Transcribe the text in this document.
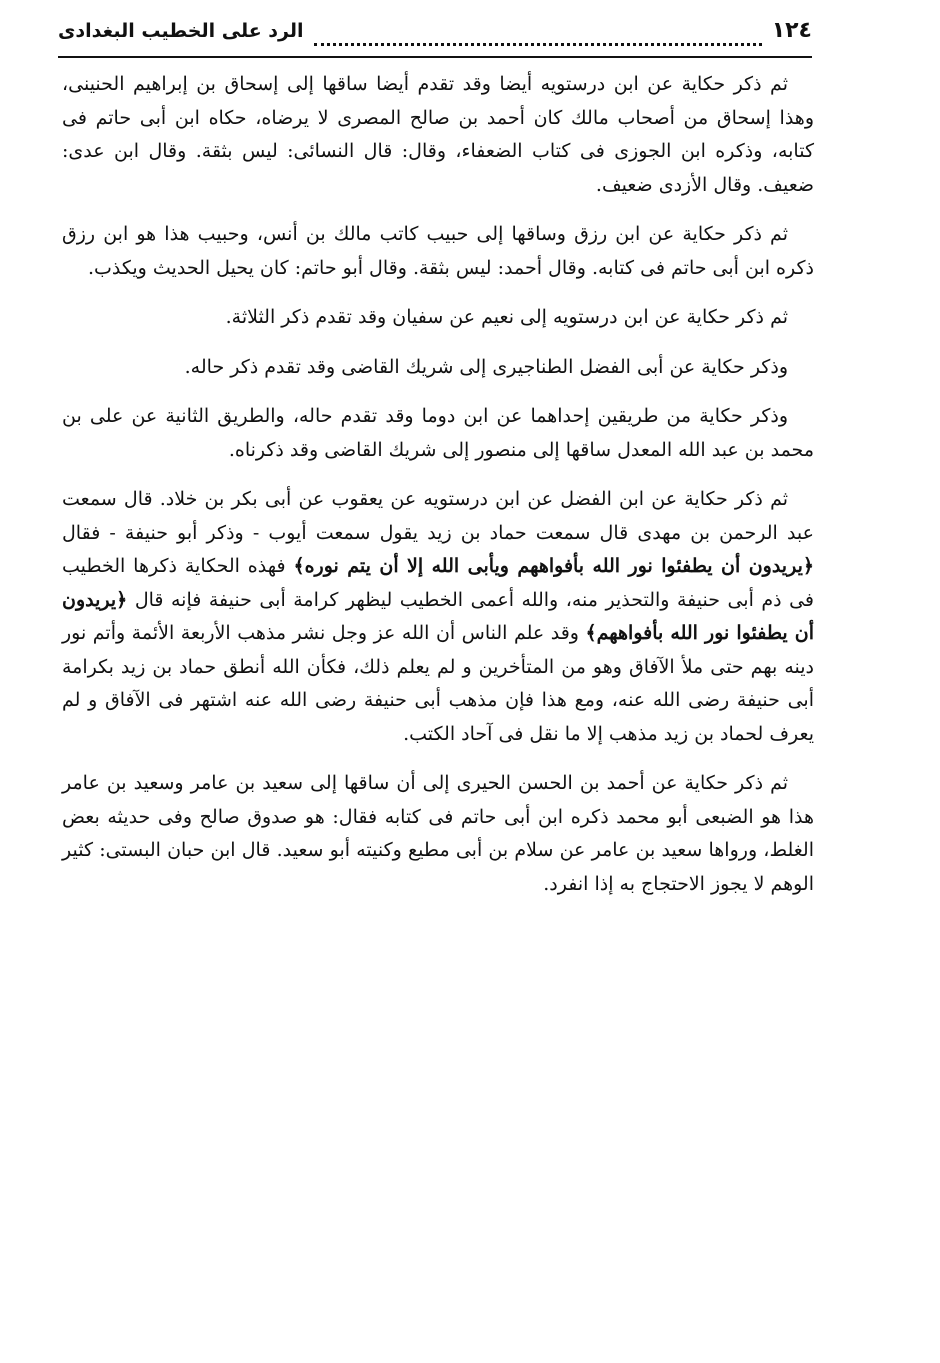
١٢٤
الرد على الخطيب البغدادى

ثم ذكر حكاية عن ابن درستويه أيضا وقد تقدم أيضا ساقها إلى إسحاق بن إبراهيم الحنينى، وهذا إسحاق من أصحاب مالك كان أحمد بن صالح المصرى لا يرضاه، حكاه ابن أبى حاتم فى كتابه، وذكره ابن الجوزى فى كتاب الضعفاء، وقال: قال النسائى: ليس بثقة. وقال ابن عدى: ضعيف. وقال الأزدى ضعيف.

ثم ذكر حكاية عن ابن رزق وساقها إلى حبيب كاتب مالك بن أنس، وحبيب هذا هو ابن رزق ذكره ابن أبى حاتم فى كتابه. وقال أحمد: ليس بثقة. وقال أبو حاتم: كان يحيل الحديث ويكذب.

ثم ذكر حكاية عن ابن درستويه إلى نعيم عن سفيان وقد تقدم ذكر الثلاثة.

وذكر حكاية عن أبى الفضل الطناجيرى إلى شريك القاضى وقد تقدم ذكر حاله.

وذكر حكاية من طريقين إحداهما عن ابن دوما وقد تقدم حاله، والطريق الثانية عن على بن محمد بن عبد الله المعدل ساقها إلى منصور إلى شريك القاضى وقد ذكرناه.

ثم ذكر حكاية عن ابن الفضل عن ابن درستويه عن يعقوب عن أبى بكر بن خلاد. قال سمعت عبد الرحمن بن مهدى قال سمعت حماد بن زيد يقول سمعت أيوب - وذكر أبو حنيفة - فقال ﴿يريدون أن يطفئوا نور الله بأفواههم ويأبى الله إلا أن يتم نوره﴾ فهذه الحكاية ذكرها الخطيب فى ذم أبى حنيفة والتحذير منه، والله أعمى الخطيب ليظهر كرامة أبى حنيفة فإنه قال ﴿يريدون أن يطفئوا نور الله بأفواههم﴾ وقد علم الناس أن الله عز وجل نشر مذهب الأربعة الأئمة وأتم نور دينه بهم حتى ملأ الآفاق وهو من المتأخرين و لم يعلم ذلك، فكأن الله أنطق حماد بن زيد بكرامة أبى حنيفة رضى الله عنه، ومع هذا فإن مذهب أبى حنيفة رضى الله عنه اشتهر فى الآفاق و لم يعرف لحماد بن زيد مذهب إلا ما نقل فى آحاد الكتب.

ثم ذكر حكاية عن أحمد بن الحسن الحيرى إلى أن ساقها إلى سعيد بن عامر وسعيد بن عامر هذا هو الضبعى أبو محمد ذكره ابن أبى حاتم فى كتابه فقال: هو صدوق صالح وفى حديثه بعض الغلط، ورواها سعيد بن عامر عن سلام بن أبى مطيع وكنيته أبو سعيد. قال ابن حبان البستى: كثير الوهم لا يجوز الاحتجاج به إذا انفرد.
